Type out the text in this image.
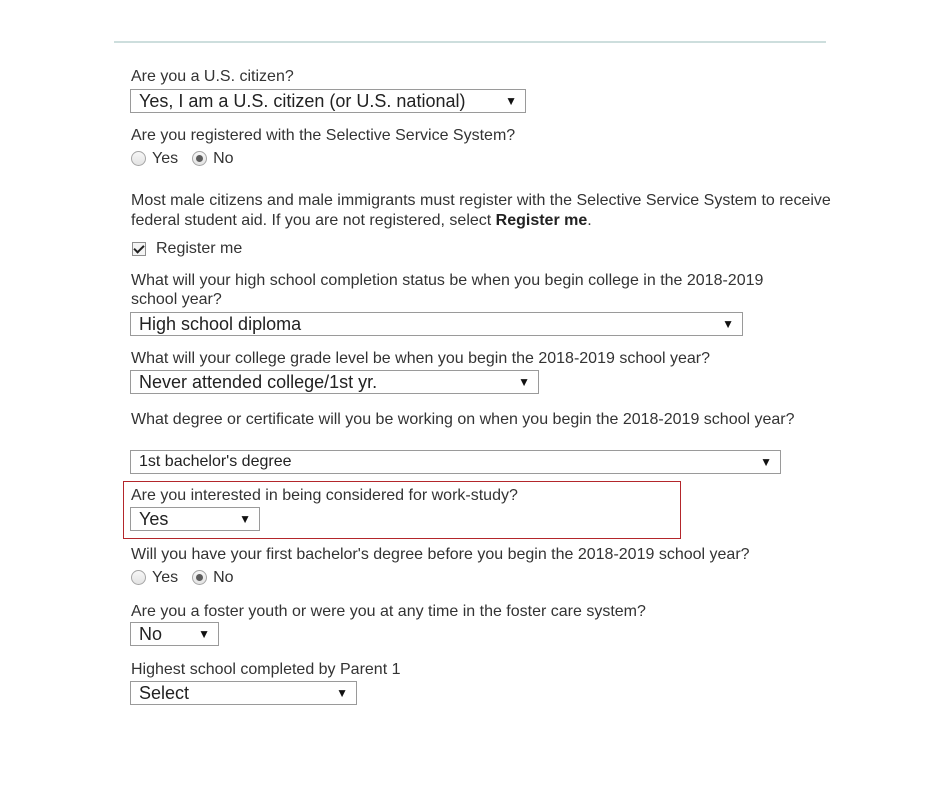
Are you a U.S. citizen?
Yes, I am a U.S. citizen (or U.S. national)	▼
Are you registered with the Selective Service System?
Yes No
Most male citizens and male immigrants must register with the Selective Service System to receive federal student aid. If you are not registered, select Register me.
Register me
What will your high school completion status be when you begin college in the 2018-2019 school year?
High school diploma	▼
What will your college grade level be when you begin the 2018-2019 school year?
Never attended college/1st yr.	▼
What degree or certificate will you be working on when you begin the 2018-2019 school year?
1st bachelor's degree	▼
Are you interested in being considered for work-study?
Yes	▼
Will you have your first bachelor's degree before you begin the 2018-2019 school year?
Yes No
Are you a foster youth or were you at any time in the foster care system?
No	▼
Highest school completed by Parent 1
Select	▼
